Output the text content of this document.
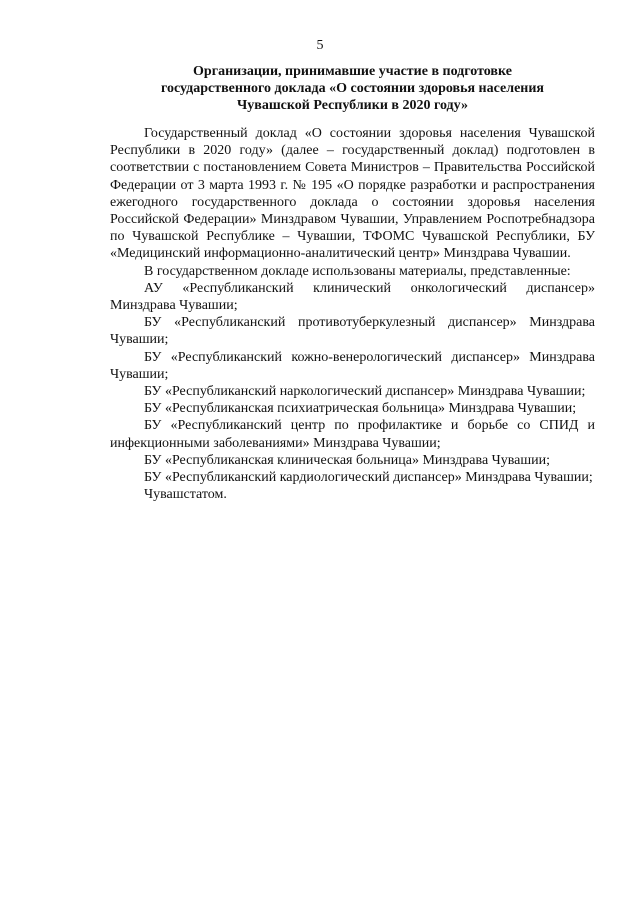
5
Организации, принимавшие участие в подготовке
государственного доклада «О состоянии здоровья населения
Чувашской Республики в 2020 году»

Государственный доклад «О состоянии здоровья населения Чувашской Республики в 2020 году» (далее – государственный доклад) подготовлен в соответствии с постановлением Совета Министров – Правительства Российской Федерации от 3 марта 1993 г. № 195 «О порядке разработки и распространения ежегодного государственного доклада о состоянии здоровья населения Российской Федерации» Минздравом Чувашии, Управлением Роспотребнадзора по Чувашской Республике – Чувашии, ТФОМС Чувашской Республики, БУ «Медицинский информационно-аналитический центр» Минздрава Чувашии.

В государственном докладе использованы материалы, представленные:

АУ «Республиканский клинический онкологический диспансер» Минздрава Чувашии;

БУ «Республиканский противотуберкулезный диспансер» Минздрава Чувашии;

БУ «Республиканский кожно-венерологический диспансер» Минздрава Чувашии;

БУ «Республиканский наркологический диспансер» Минздрава Чувашии;

БУ «Республиканская психиатрическая больница» Минздрава Чувашии;

БУ «Республиканский центр по профилактике и борьбе со СПИД и инфекционными заболеваниями» Минздрава Чувашии;

БУ «Республиканская клиническая больница» Минздрава Чувашии;

БУ «Республиканский кардиологический диспансер» Минздрава Чувашии;

Чувашстатом.
